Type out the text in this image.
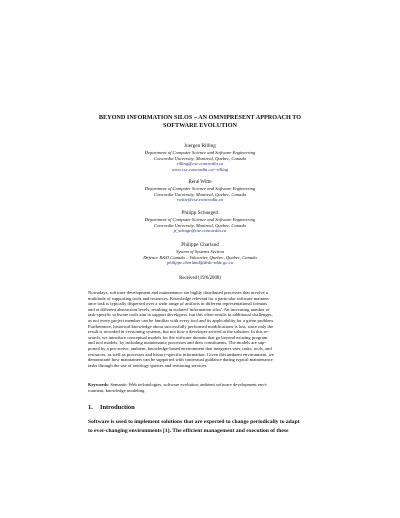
BEYOND INFORMATION SILOS – AN OMNIPRESENT APPROACH TO
SOFTWARE EVOLUTION
Juergen Rilling
Department of Computer Science and Software Engineering
Concordia University, Montreal, Quebec, Canada
rilling@cse.concordia.ca
www.cse.concordia.ca/~rilling
René Witte
Department of Computer Science and Software Engineering
Concordia University, Montreal, Quebec, Canada
rwitte@cse.concordia.ca
Philipp Schuegerl
Department of Computer Science and Software Engineering
Concordia University, Montreal, Quebec, Canada
p_schuge@cse.concordia.ca
Philippe Charland
System of Systems Section
Defence R&D Canada – Valcartier, Quebec, Quebec, Canada
philippe.charland@drdc-rddc.gc.ca
Received (19/6/2008)
Nowadays, software development and maintenance are highly distributed processes that involve a
multitude of supporting tools and resources. Knowledge relevant for a particular software mainten-
ance task is typically dispersed over a wide range of artifacts in different representational formats
and at different abstraction levels, resulting in isolated 'information silos'. An increasing number of
task-specific software tools aim to support developers, but this often results in additional challenges,
as not every project member can be familiar with every tool and its applicability for a given problem.
Furthermore, historical knowledge about successfully performed modifications is lost, since only the
result is recorded in versioning systems, but not how a developer arrived at the solution. In this re-
search, we introduce conceptual models for the software domain that go beyond existing program
and tool models, by including maintenance processes and their constituents. The models are sup-
ported by a pro-active, ambient, knowledge-based environment that integrates user, tasks, tools, and
resources, as well as processes and history-specific information. Given this ambient environment, we
demonstrate how maintainers can be supported with contextual guidance during typical maintenance
tasks through the use of ontology queries and reasoning services.
Keywords: Semantic Web technologies, software evolution, ambient software development envi-
ronment, knowledge modeling.
1. Introduction
Software is used to implement solutions that are expected to change periodically to adapt
to ever-changing environments [1]. The efficient management and execution of these
